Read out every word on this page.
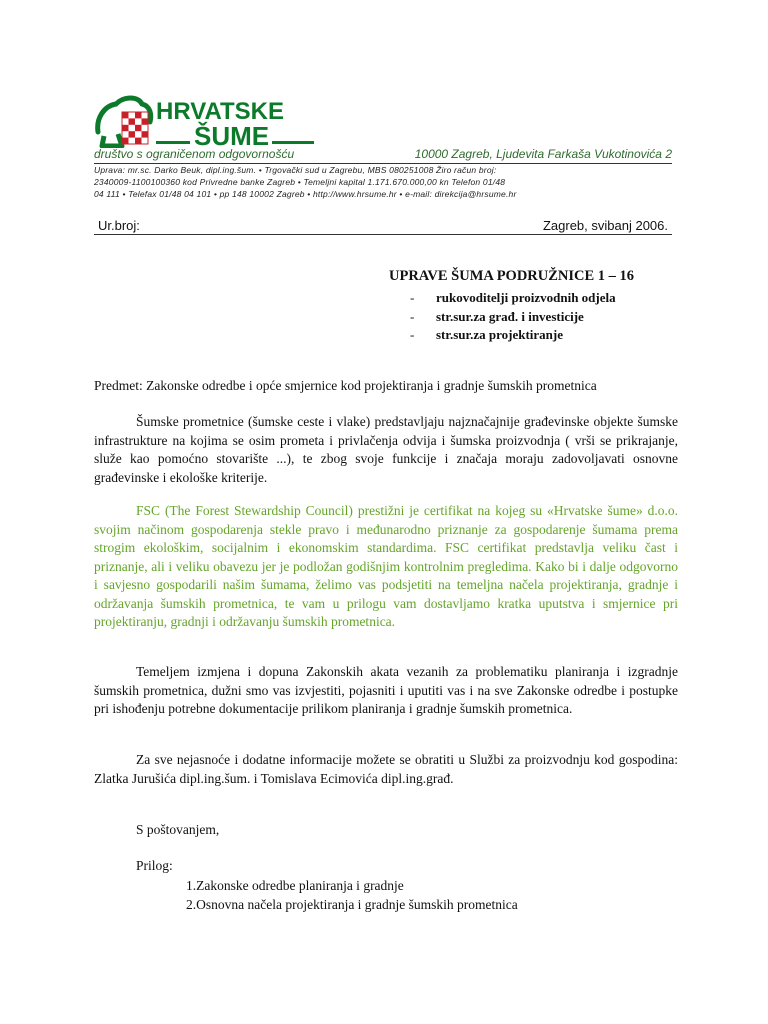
HRVATSKE
ŠUME
društvo s ograničenom odgovornošću	10000 Zagreb, Ljudevita Farkaša Vukotinovića 2
Uprava: mr.sc. Darko Beuk, dipl.ing.šum. • Trgovački sud u Zagrebu, MBS 080251008 Žiro račun broj:
2340009-1100100360 kod Privredne banke Zagreb • Temeljni kapital 1.171.670.000,00 kn Telefon 01/48
04 111 • Telefax 01/48 04 101 • pp 148 10002 Zagreb • http://www.hrsume.hr • e-mail: direkcija@hrsume.hr
Ur.broj:	Zagreb, svibanj 2006.
UPRAVE ŠUMA PODRUŽNICE 1 – 16
- rukovoditelji proizvodnih odjela
- str.sur.za građ. i investicije
- str.sur.za projektiranje

Predmet: Zakonske odredbe i opće smjernice kod projektiranja i gradnje šumskih prometnica

Šumske prometnice (šumske ceste i vlake) predstavljaju najznačajnije građevinske objekte šumske infrastrukture na kojima se osim prometa i privlačenja odvija i šumska proizvodnja ( vrši se prikrajanje, služe kao pomoćno stovarište ...), te zbog svoje funkcije i značaja moraju zadovoljavati osnovne građevinske i ekološke kriterije.

FSC (The Forest Stewardship Council) prestižni je certifikat na kojeg su «Hrvatske šume» d.o.o. svojim načinom gospodarenja stekle pravo i međunarodno priznanje za gospodarenje šumama prema strogim ekološkim, socijalnim i ekonomskim standardima. FSC certifikat predstavlja veliku čast i priznanje, ali i veliku obavezu jer je podložan godišnjim kontrolnim pregledima. Kako bi i dalje odgovorno i savjesno gospodarili našim šumama, želimo vas podsjetiti na temeljna načela projektiranja, gradnje i održavanja šumskih prometnica, te vam u prilogu vam dostavljamo kratka uputstva i smjernice pri projektiranju, gradnji i održavanju šumskih prometnica.

Temeljem izmjena i dopuna Zakonskih akata vezanih za problematiku planiranja i izgradnje šumskih prometnica, dužni smo vas izvjestiti, pojasniti i uputiti vas i na sve Zakonske odredbe i postupke pri ishođenju potrebne dokumentacije prilikom planiranja i gradnje šumskih prometnica.

Za sve nejasnoće i dodatne informacije možete se obratiti u Službi za proizvodnju kod gospodina: Zlatka Jurušića dipl.ing.šum. i Tomislava Ecimovića dipl.ing.građ.

S poštovanjem,
Prilog:
1.Zakonske odredbe planiranja i gradnje
2.Osnovna načela projektiranja i gradnje šumskih prometnica
